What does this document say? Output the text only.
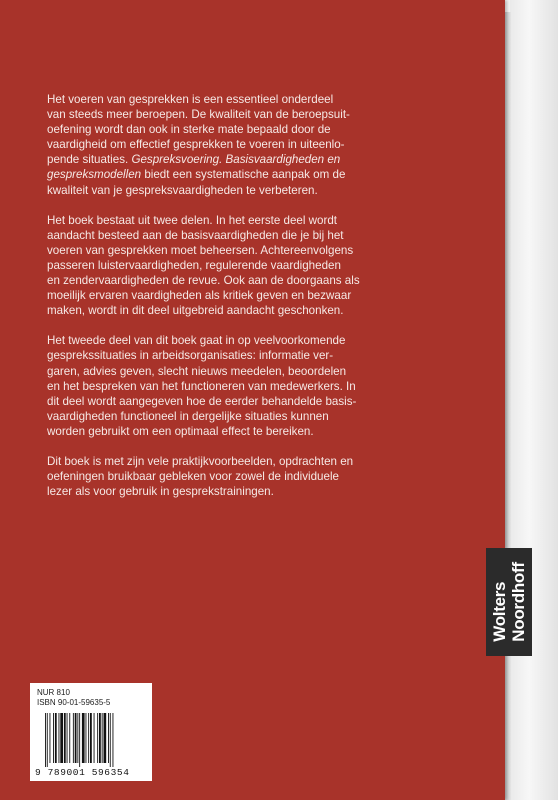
Het voeren van gesprekken is een essentieel onderdeel
van steeds meer beroepen. De kwaliteit van de beroepsuit-
oefening wordt dan ook in sterke mate bepaald door de
vaardigheid om effectief gesprekken te voeren in uiteenlo-
pende situaties. Gespreksvoering. Basisvaardigheden en
gespreksmodellen biedt een systematische aanpak om de
kwaliteit van je gespreksvaardigheden te verbeteren.

Het boek bestaat uit twee delen. In het eerste deel wordt
aandacht besteed aan de basisvaardigheden die je bij het
voeren van gesprekken moet beheersen. Achtereenvolgens
passeren luistervaardigheden, regulerende vaardigheden
en zendervaardigheden de revue. Ook aan de doorgaans als
moeilijk ervaren vaardigheden als kritiek geven en bezwaar
maken, wordt in dit deel uitgebreid aandacht geschonken.

Het tweede deel van dit boek gaat in op veelvoorkomende
gesprekssituaties in arbeidsorganisaties: informatie ver-
garen, advies geven, slecht nieuws meedelen, beoordelen
en het bespreken van het functioneren van medewerkers. In
dit deel wordt aangegeven hoe de eerder behandelde basis-
vaardigheden functioneel in dergelijke situaties kunnen
worden gebruikt om een optimaal effect te bereiken.

Dit boek is met zijn vele praktijkvoorbeelden, opdrachten en
oefeningen bruikbaar gebleken voor zowel de individuele
lezer als voor gebruik in gesprekstrainingen.

NUR 810
ISBN 90-01-59635-5
9 789001 596354
Wolters Noordhoff
